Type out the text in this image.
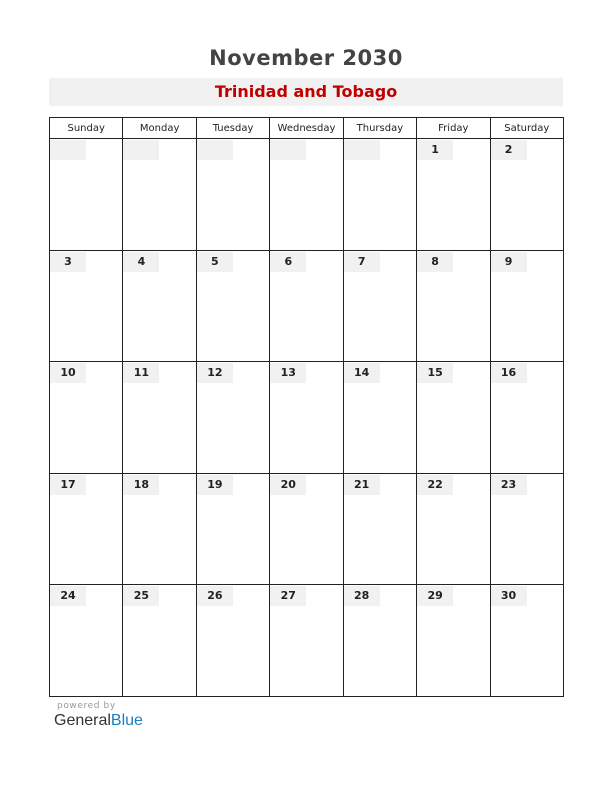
November 2030
Trinidad and Tobago
Sunday	Monday	Tuesday	Wednesday	Thursday	Friday	Saturday

					1	2

3	4	5	6	7	8	9

10	11	12	13	14	15	16

17	18	19	20	21	22	23

24	25	26	27	28	29	30
powered by
GeneralBlue
